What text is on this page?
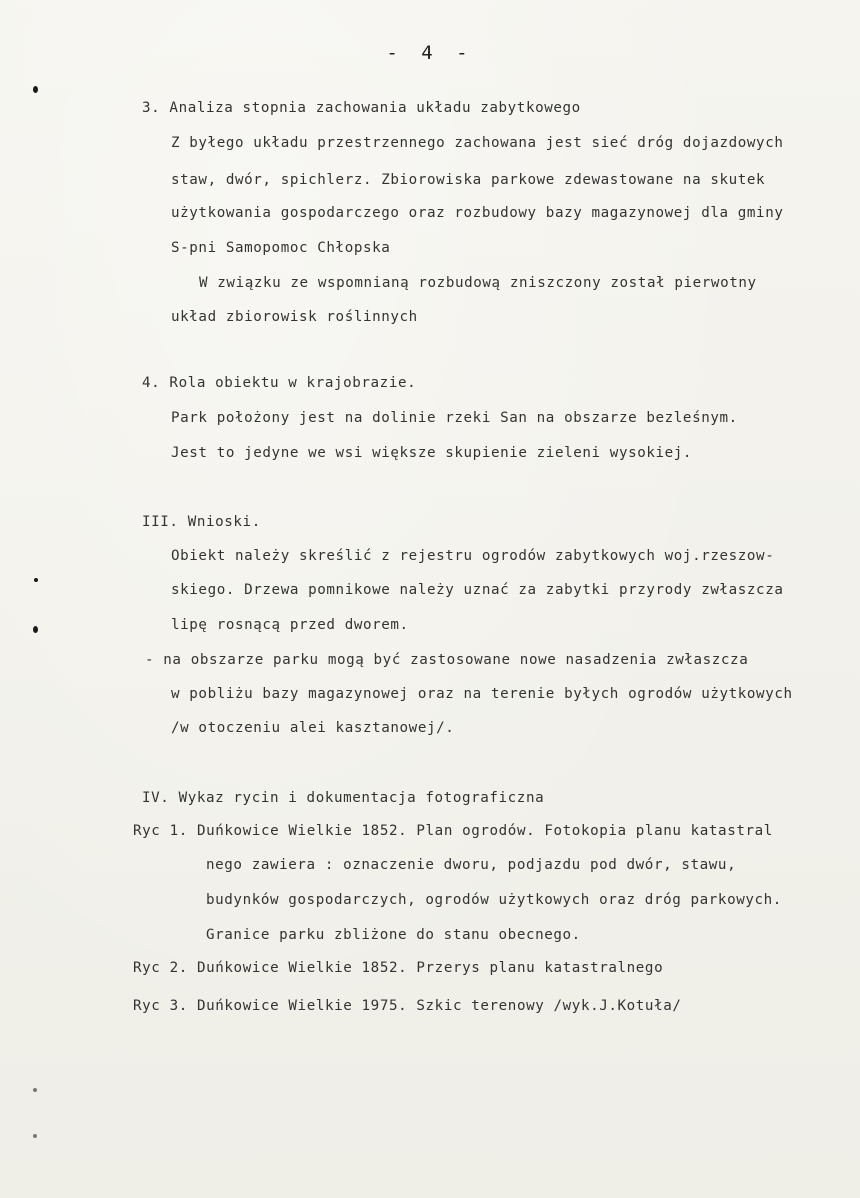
- 4 -
3. Analiza stopnia zachowania układu zabytkowego
Z byłego układu przestrzennego zachowana jest sieć dróg dojazdowych
staw, dwór, spichlerz. Zbiorowiska parkowe zdewastowane na skutek
użytkowania gospodarczego oraz rozbudowy bazy magazynowej dla gminy
S-pni Samopomoc Chłopska
W związku ze wspomnianą rozbudową zniszczony został pierwotny
układ zbiorowisk roślinnych
4. Rola obiektu w krajobrazie.
Park położony jest na dolinie rzeki San na obszarze bezleśnym.
Jest to jedyne we wsi większe skupienie zieleni wysokiej.
III. Wnioski.
Obiekt należy skreślić z rejestru ogrodów zabytkowych woj.rzeszow-
skiego. Drzewa pomnikowe należy uznać za zabytki przyrody zwłaszcza
lipę rosnącą przed dworem.
- na obszarze parku mogą być zastosowane nowe nasadzenia zwłaszcza
w pobliżu bazy magazynowej oraz na terenie byłych ogrodów użytkowych
/w otoczeniu alei kasztanowej/.
IV. Wykaz rycin i dokumentacja fotograficzna
Ryc 1. Duńkowice Wielkie 1852. Plan ogrodów. Fotokopia planu katastral
nego zawiera : oznaczenie dworu, podjazdu pod dwór, stawu,
budynków gospodarczych, ogrodów użytkowych oraz dróg parkowych.
Granice parku zbliżone do stanu obecnego.
Ryc 2. Duńkowice Wielkie 1852. Przerys planu katastralnego
Ryc 3. Duńkowice Wielkie 1975. Szkic terenowy /wyk.J.Kotuła/
